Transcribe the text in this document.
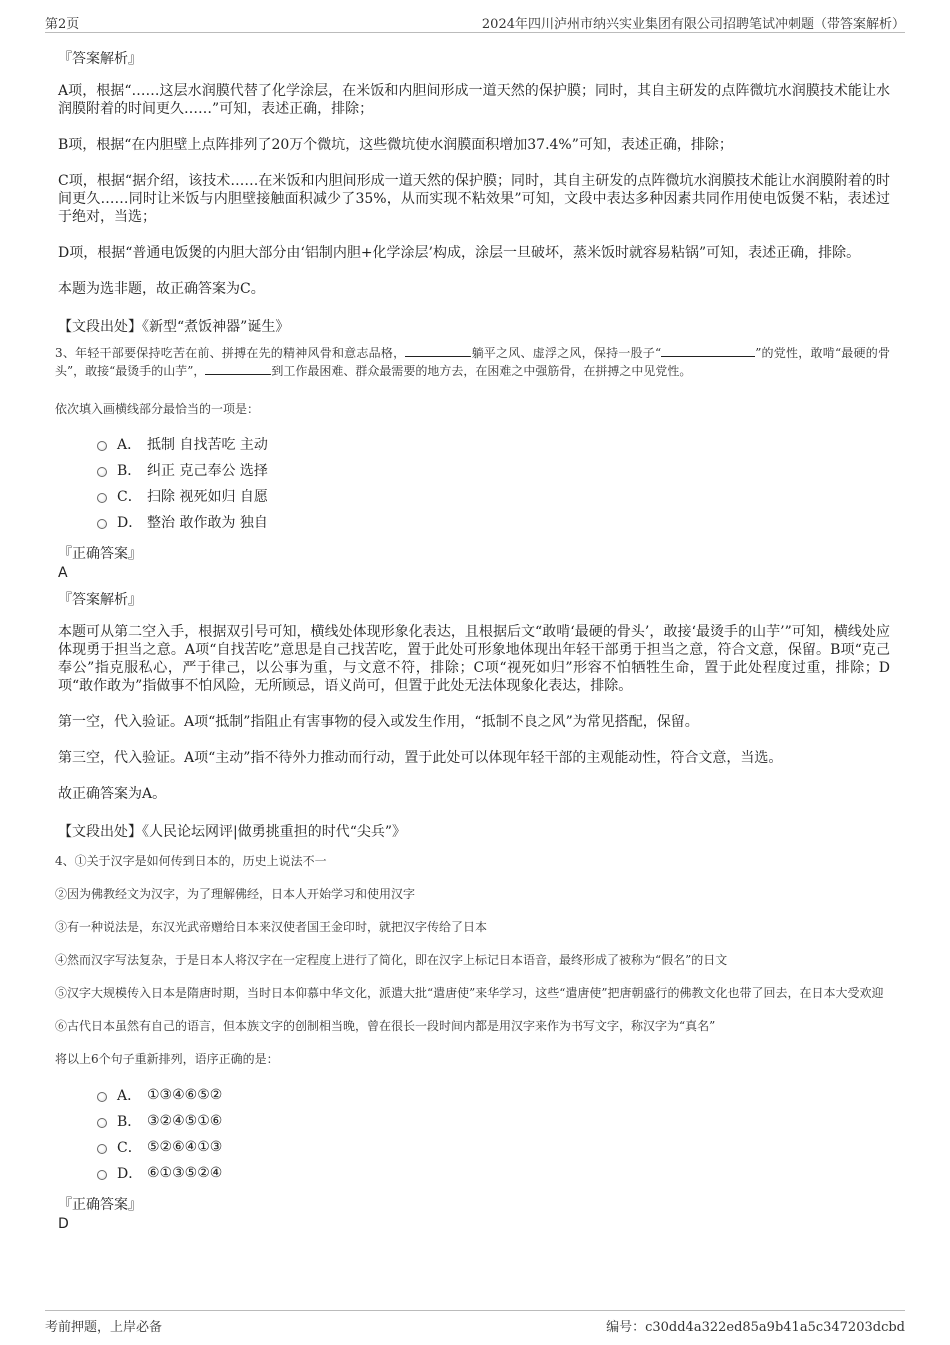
第2页	2024年四川泸州市纳兴实业集团有限公司招聘笔试冲刺题（带答案解析）
『答案解析』
A项，根据“……这层水润膜代替了化学涂层，在米饭和内胆间形成一道天然的保护膜；同时，其自主研发的点阵微坑水润膜技术能让水润膜附着的时间更久……”可知，表述正确，排除；
B项，根据“在内胆壁上点阵排列了20万个微坑，这些微坑使水润膜面积增加37.4%”可知，表述正确，排除；
C项，根据“据介绍，该技术……在米饭和内胆间形成一道天然的保护膜；同时，其自主研发的点阵微坑水润膜技术能让水润膜附着的时间更久……同时让米饭与内胆壁接触面积减少了35%，从而实现不粘效果”可知，文段中表达多种因素共同作用使电饭煲不粘，表述过于绝对，当选；
D项，根据“普通电饭煲的内胆大部分由‘铝制内胆+化学涂层’构成，涂层一旦破坏，蒸米饭时就容易粘锅”可知，表述正确，排除。
本题为选非题，故正确答案为C。
【文段出处】《新型“煮饭神器”诞生》
3、年轻干部要保持吃苦在前、拼搏在先的精神风骨和意志品格，	躺平之风、虚浮之风，保持一股子“	”的党性，敢啃“最硬的骨头”，敢接“最烫手的山芋”，	到工作最困难、群众最需要的地方去，在困难之中强筋骨，在拼搏之中见党性。
依次填入画横线部分最恰当的一项是：
A． 抵制 自找苦吃 主动
B． 纠正 克己奉公 选择
C． 扫除 视死如归 自愿
D． 整治 敢作敢为 独自
『正确答案』
A
『答案解析』
本题可从第二空入手，根据双引号可知，横线处体现形象化表达，且根据后文“敢啃‘最硬的骨头’，敢接‘最烫手的山芋’”可知，横线处应体现勇于担当之意。A项“自找苦吃”意思是自己找苦吃，置于此处可形象地体现出年轻干部勇于担当之意，符合文意，保留。B项“克己奉公”指克服私心，严于律己，以公事为重，与文意不符，排除；C项“视死如归”形容不怕牺牲生命，置于此处程度过重，排除；D项“敢作敢为”指做事不怕风险，无所顾忌，语义尚可，但置于此处无法体现象化表达，排除。
第一空，代入验证。A项“抵制”指阻止有害事物的侵入或发生作用，“抵制不良之风”为常见搭配，保留。
第三空，代入验证。A项“主动”指不待外力推动而行动，置于此处可以体现年轻干部的主观能动性，符合文意，当选。
故正确答案为A。
【文段出处】《人民论坛网评|做勇挑重担的时代“尖兵”》
4、①关于汉字是如何传到日本的，历史上说法不一
②因为佛教经文为汉字，为了理解佛经，日本人开始学习和使用汉字
③有一种说法是，东汉光武帝赠给日本来汉使者国王金印时，就把汉字传给了日本
④然而汉字写法复杂，于是日本人将汉字在一定程度上进行了简化，即在汉字上标记日本语音，最终形成了被称为“假名”的日文
⑤汉字大规模传入日本是隋唐时期，当时日本仰慕中华文化，派遣大批“遣唐使”来华学习，这些“遣唐使”把唐朝盛行的佛教文化也带了回去，在日本大受欢迎
⑥古代日本虽然有自己的语言，但本族文字的创制相当晚，曾在很长一段时间内都是用汉字来作为书写文字，称汉字为“真名”
将以上6个句子重新排列，语序正确的是：
A． ①③④⑥⑤②
B． ③②④⑤①⑥
C． ⑤②⑥④①③
D． ⑥①③⑤②④
『正确答案』
D
考前押题，上岸必备	编号：c30dd4a322ed85a9b41a5c347203dcbd
